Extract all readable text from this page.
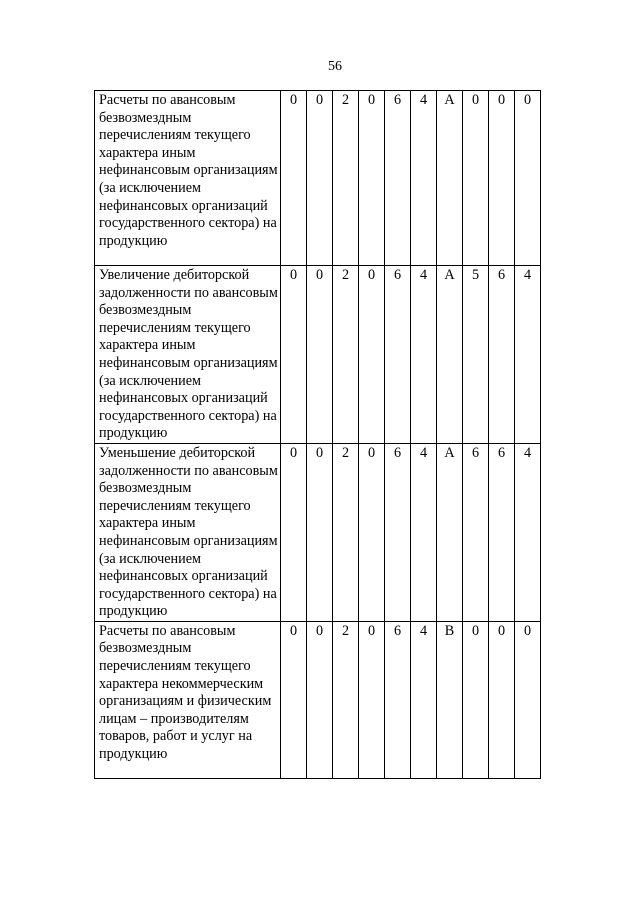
56
Расчеты по авансовым безвозмездным перечислениям текущего характера иным нефинансовым организациям (за исключением нефинансовых организаций государственного сектора) на продукцию	0	0	2	0	6	4	А	0	0	0
Увеличение дебиторской задолженности по авансовым безвозмездным перечислениям текущего характера иным нефинансовым организациям (за исключением нефинансовых организаций государственного сектора) на продукцию	0	0	2	0	6	4	А	5	6	4
Уменьшение дебиторской задолженности по авансовым безвозмездным перечислениям текущего характера иным нефинансовым организациям (за исключением нефинансовых организаций государственного сектора) на продукцию	0	0	2	0	6	4	А	6	6	4
Расчеты по авансовым безвозмездным перечислениям текущего характера некоммерческим организациям и физическим лицам – производителям товаров, работ и услуг на продукцию	0	0	2	0	6	4	В	0	0	0
